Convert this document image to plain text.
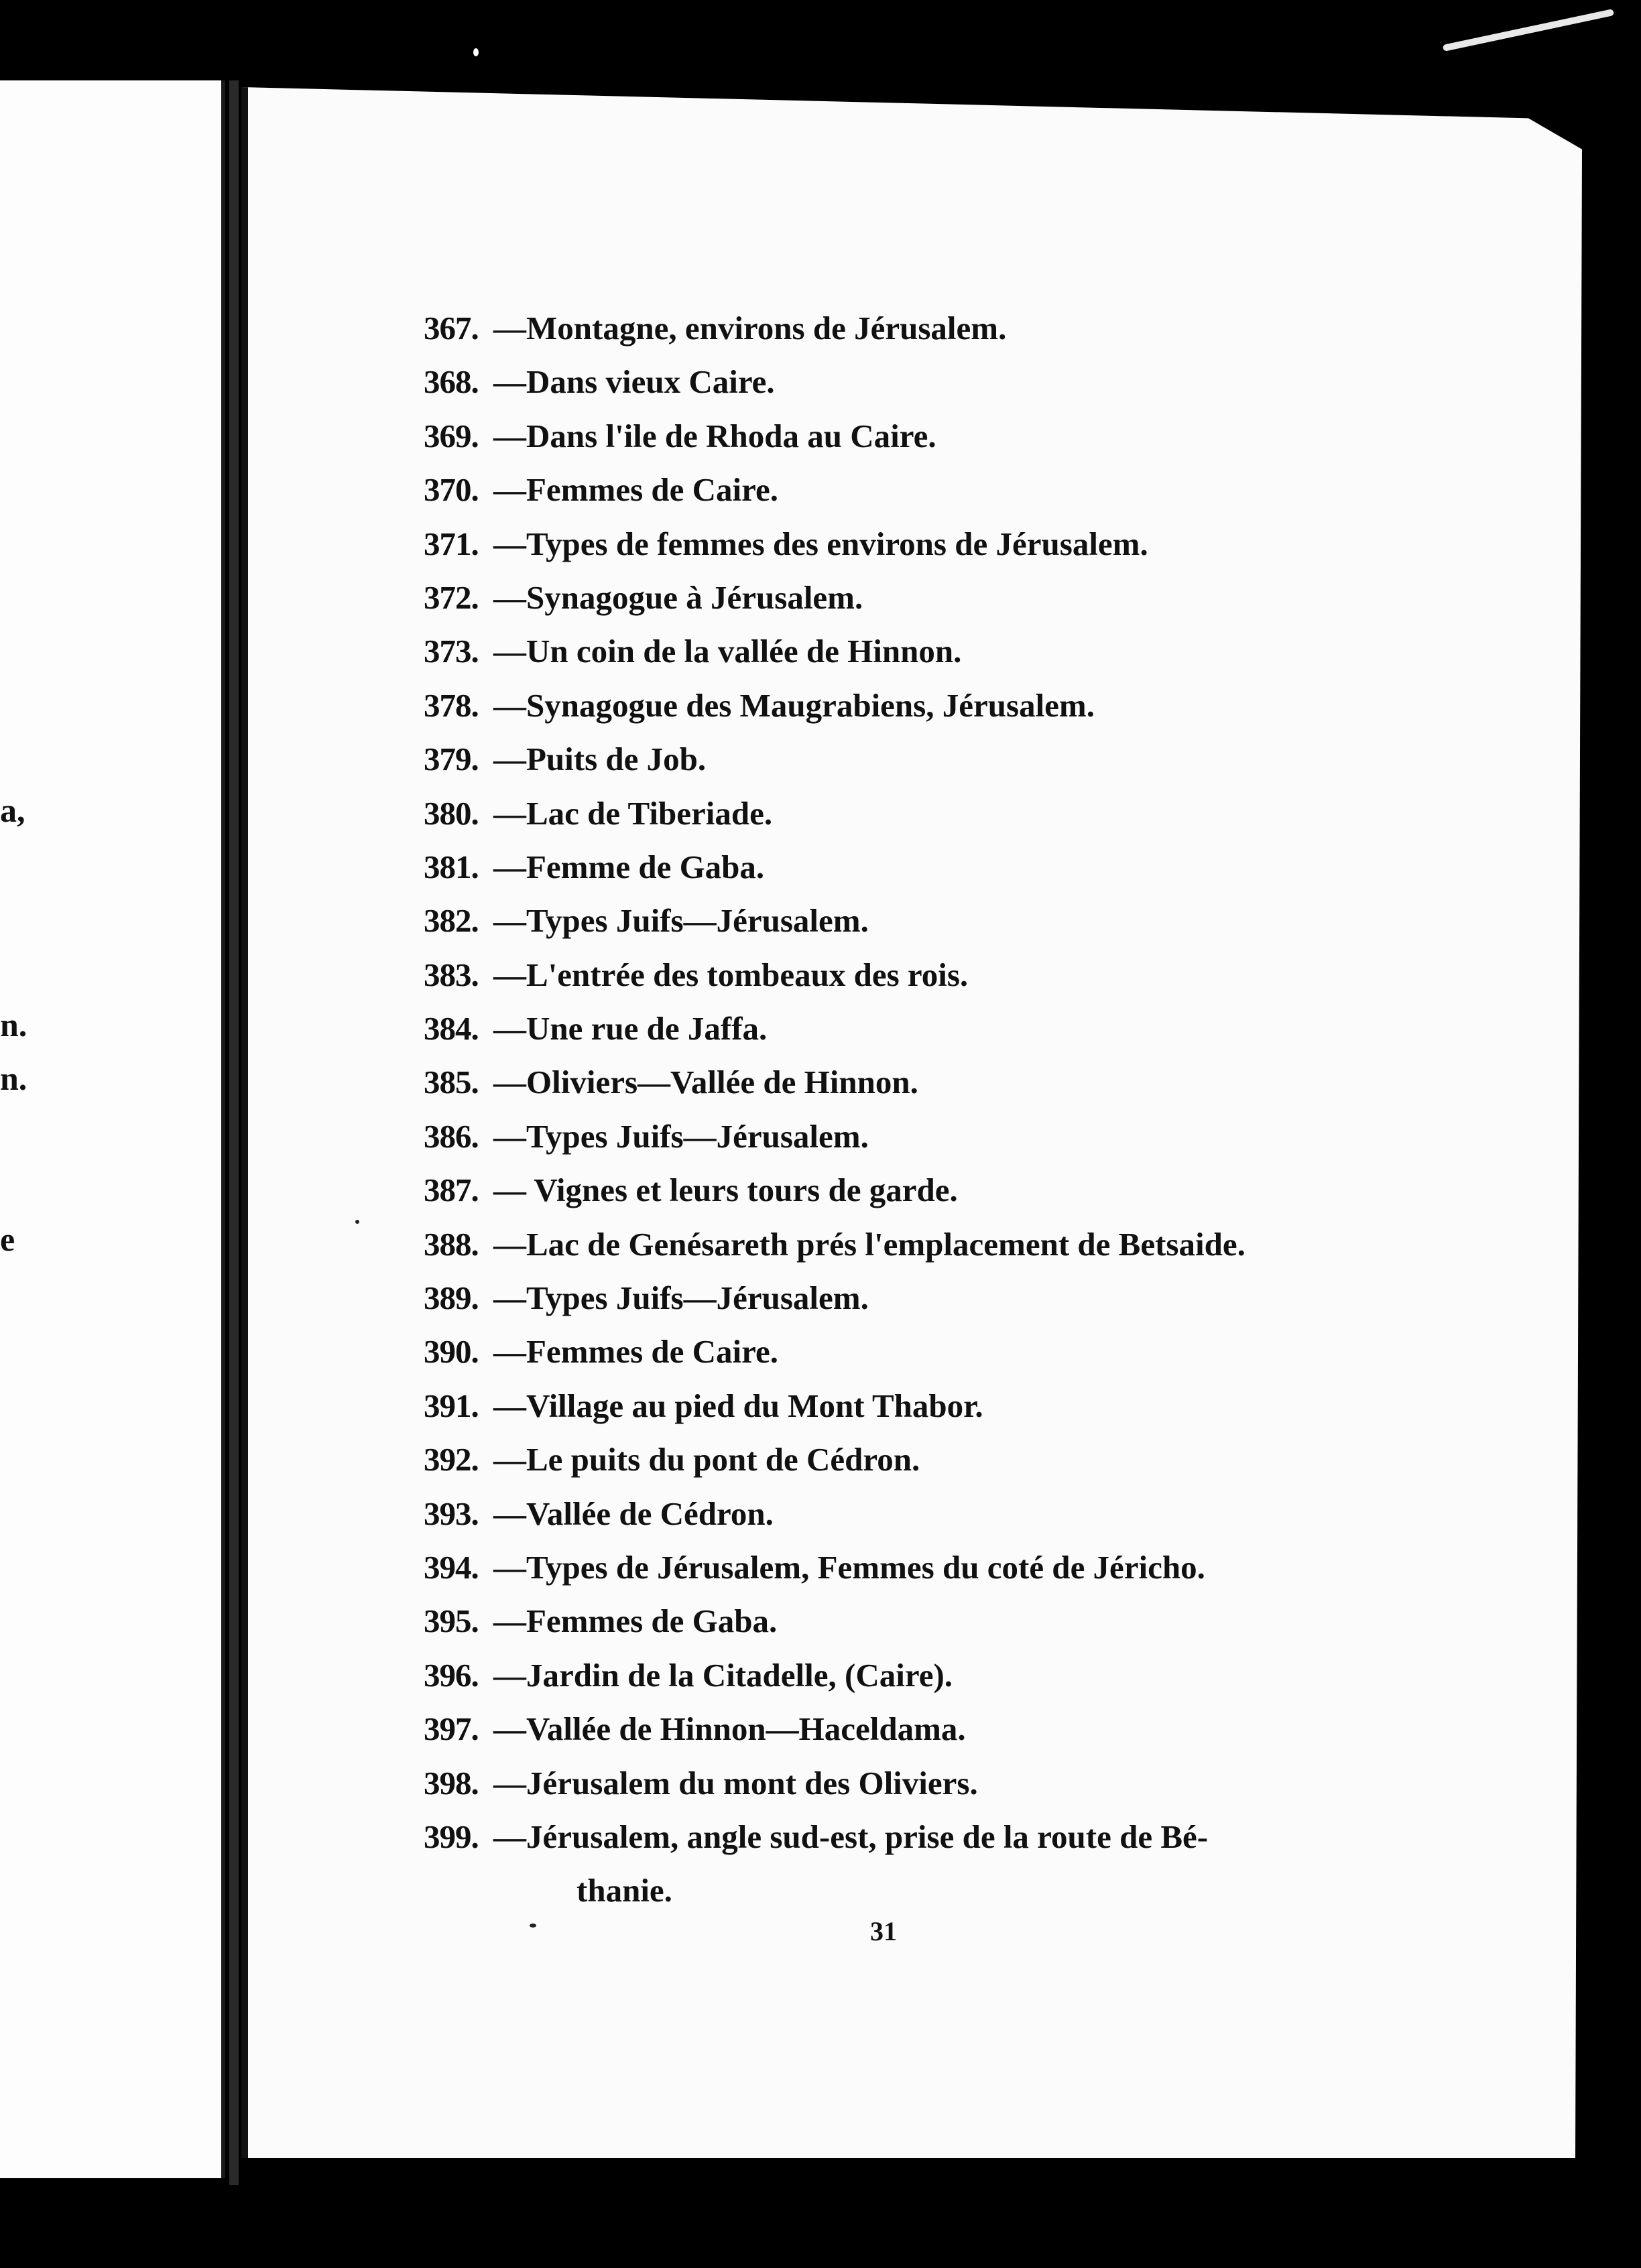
a,
n.
n.
e
367. —Montagne, environs de Jérusalem.
368. —Dans vieux Caire.
369. —Dans l'ile de Rhoda au Caire.
370. —Femmes de Caire.
371. —Types de femmes des environs de Jérusalem.
372. —Synagogue à Jérusalem.
373. —Un coin de la vallée de Hinnon.
378. —Synagogue des Maugrabiens, Jérusalem.
379. —Puits de Job.
380. —Lac de Tiberiade.
381. —Femme de Gaba.
382. —Types Juifs—Jérusalem.
383. —L'entrée des tombeaux des rois.
384. —Une rue de Jaffa.
385. —Oliviers—Vallée de Hinnon.
386. —Types Juifs—Jérusalem.
387. — Vignes et leurs tours de garde.
388. —Lac de Genésareth prés l'emplacement de Betsaide.
389. —Types Juifs—Jérusalem.
390. —Femmes de Caire.
391. —Village au pied du Mont Thabor.
392. —Le puits du pont de Cédron.
393. —Vallée de Cédron.
394. —Types de Jérusalem, Femmes du coté de Jéricho.
395. —Femmes de Gaba.
396. —Jardin de la Citadelle, (Caire).
397. —Vallée de Hinnon—Haceldama.
398. —Jérusalem du mont des Oliviers.
399. —Jérusalem, angle sud-est, prise de la route de Bé-
thanie.
31
